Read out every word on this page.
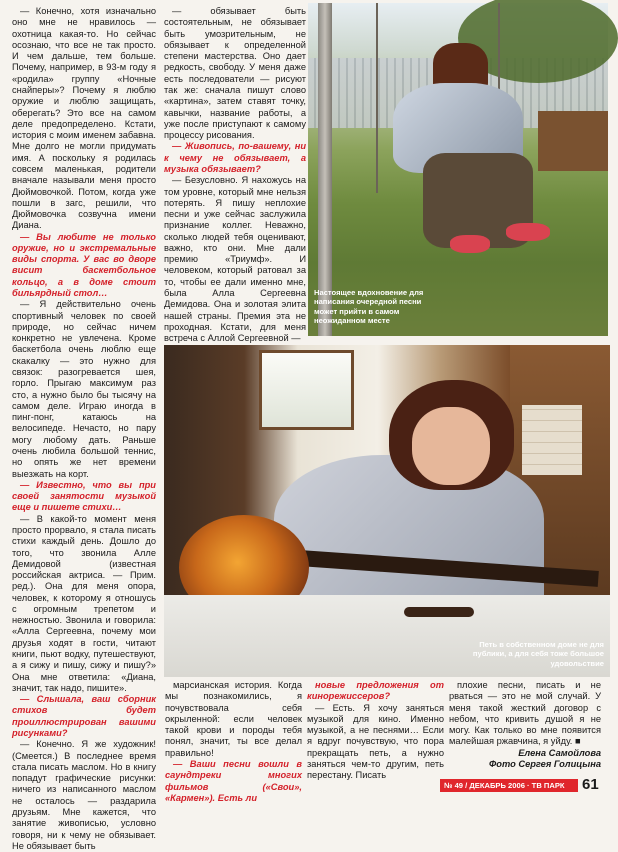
— Конечно, хотя изначально оно мне не нравилось — охотница какая-то. Но сейчас осознаю, что все не так просто. И чем дальше, тем больше. Почему, например, в 93-м году я «родила» группу «Ночные снайперы»? Почему я люблю оружие и люблю защищать, оберегать? Это все на самом деле предопределено. Кстати, история с моим именем забавна. Мне долго не могли придумать имя. А поскольку я родилась совсем маленькая, родители вначале называли меня просто Дюймовочкой. Потом, когда уже пошли в загс, решили, что Дюймовочка созвучна имени Диана.

— Вы любите не только оружие, но и экстремальные виды спорта. У вас во дворе висит баскетбольное кольцо, а в доме стоит бильярдный стол…

— Я действительно очень спортивный человек по своей природе, но сейчас ничем конкретно не увлечена. Кроме баскетбола очень люблю еще скакалку — это нужно для связок: разогревается шея, горло. Прыгаю максимум раз сто, а нужно было бы тысячу на самом деле. Играю иногда в пинг-понг, катаюсь на велосипеде. Нечасто, но пару могу любому дать. Раньше очень любила большой теннис, но опять же нет времени выезжать на корт.

— Известно, что вы при своей занятости музыкой еще и пишете стихи…

— В какой-то момент меня просто прорвало, я стала писать стихи каждый день. Дошло до того, что звонила Алле Демидовой (известная российская актриса. — Прим. ред.). Она для меня опора, человек, к которому я отношусь с огромным трепетом и нежностью. Звонила и говорила: «Алла Сергеевна, почему мои друзья ходят в гости, читают книги, пьют водку, путешествуют, а я сижу и пишу, сижу и пишу?» Она мне ответила: «Диана, значит, так надо, пишите».

— Слышала, ваш сборник стихов будет проиллюстрирован вашими рисунками?

— Конечно. Я же художник! (Смеется.) В последнее время стала писать маслом. Но в книгу попадут графические рисунки: ничего из написанного маслом не осталось — раздарила друзьям. Мне кажется, что занятие живописью, условно говоря, ни к чему не обязывает. Не обязывает быть

— обязывает быть состоятельным, не обязывает быть умозрительным, не обязывает к определенной степени мастерства. Оно дает редкость, свободу. У меня даже есть последователи — рисуют так же: сначала пишут слово «картина», затем ставят точку, кавычки, название работы, а уже после приступают к самому процессу рисования.

— Живопись, по-вашему, ни к чему не обязывает, а музыка обязывает?

— Безусловно. Я нахожусь на том уровне, который мне нельзя потерять. Я пишу неплохие песни и уже сейчас заслужила признание коллег. Неважно, сколько людей тебя оценивают, важно, кто они. Мне дали премию «Триумф». И человеком, который ратовал за то, чтобы ее дали именно мне, была Алла Сергеевна Демидова. Она и золотая элита нашей страны. Премия эта не проходная. Кстати, для меня встреча с Аллой Сергеевной —

Настоящее вдохновение для написания очередной песни может прийти в самом неожиданном месте
Петь в собственном доме не для публики, а для себя тоже большое удовольствие

марсианская история. Когда мы познакомились, я почувствовала себя окрыленной: если человек такой крови и породы тебя понял, значит, ты все делал правильно!

— Ваши песни вошли в саундтреки многих фильмов («Свои», «Кармен»). Есть ли

новые предложения от кинорежиссеров?

— Есть. Я хочу заняться музыкой для кино. Именно музыкой, а не песнями… Если я вдруг почувствую, что пора прекращать петь, а нужно заняться чем-то другим, петь перестану. Писать

плохие песни, писать и не рваться — это не мой случай. У меня такой жесткий договор с небом, что кривить душой я не могу. Как только во мне появится малейшая ржавчина, я уйду. ■

Елена Самойлова

Фото Сергея Голицына

№ 49 / ДЕКАБРЬ 2006 · ТВ ПАРК	61
